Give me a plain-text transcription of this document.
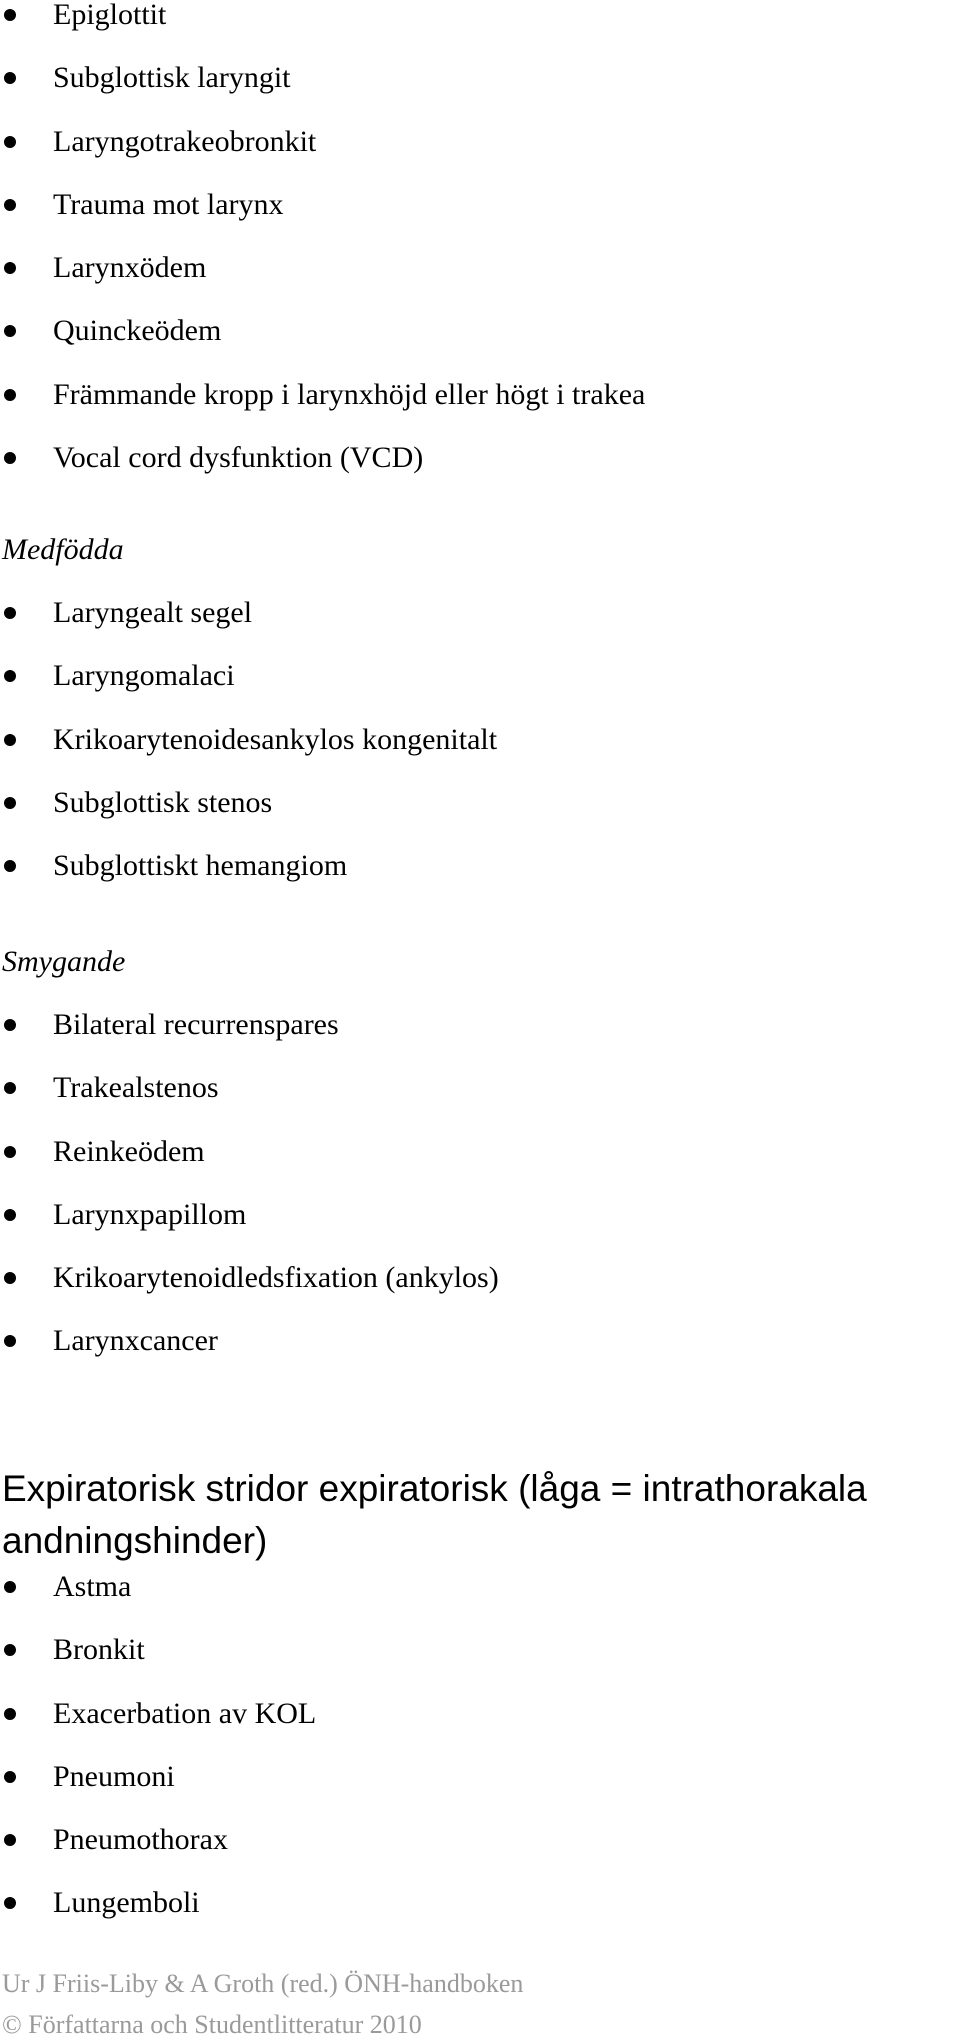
Epiglottit
Subglottisk laryngit
Laryngotrakeobronkit
Trauma mot larynx
Larynxödem
Quinckeödem
Främmande kropp i larynxhöjd eller högt i trakea
Vocal cord dysfunktion (VCD)
Medfödda
Laryngealt segel
Laryngomalaci
Krikoarytenoidesankylos kongenitalt
Subglottisk stenos
Subglottiskt hemangiom
Smygande
Bilateral recurrenspares
Trakealstenos
Reinkeödem
Larynxpapillom
Krikoarytenoidledsfixation (ankylos)
Larynxcancer
Expiratorisk stridor expiratorisk (låga = intrathorakala andningshinder)
Astma
Bronkit
Exacerbation av KOL
Pneumoni
Pneumothorax
Lungemboli
Ur J Friis-Liby & A Groth (red.) ÖNH-handboken
© Författarna och Studentlitteratur 2010
